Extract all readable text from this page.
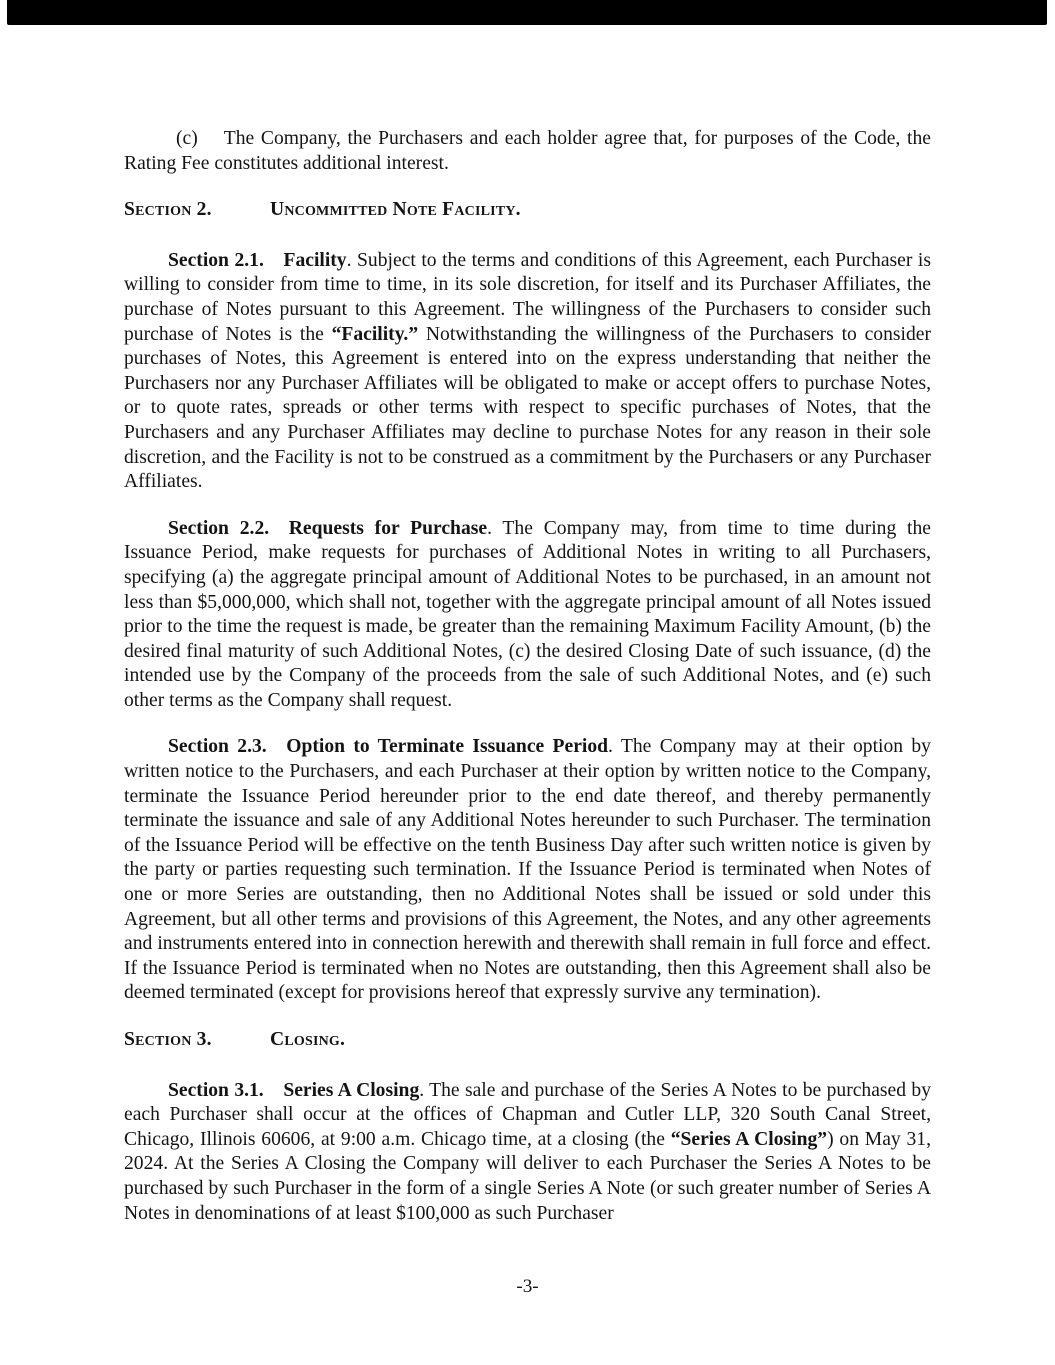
(c)  The Company, the Purchasers and each holder agree that, for purposes of the Code, the Rating Fee constitutes additional interest.

Section 2.	Uncommitted Note Facility.

Section 2.1.  Facility. Subject to the terms and conditions of this Agreement, each Purchaser is willing to consider from time to time, in its sole discretion, for itself and its Purchaser Affiliates, the purchase of Notes pursuant to this Agreement. The willingness of the Purchasers to consider such purchase of Notes is the “Facility.” Notwithstanding the willingness of the Purchasers to consider purchases of Notes, this Agreement is entered into on the express understanding that neither the Purchasers nor any Purchaser Affiliates will be obligated to make or accept offers to purchase Notes, or to quote rates, spreads or other terms with respect to specific purchases of Notes, that the Purchasers and any Purchaser Affiliates may decline to purchase Notes for any reason in their sole discretion, and the Facility is not to be construed as a commitment by the Purchasers or any Purchaser Affiliates.

Section 2.2.  Requests for Purchase. The Company may, from time to time during the Issuance Period, make requests for purchases of Additional Notes in writing to all Purchasers, specifying (a) the aggregate principal amount of Additional Notes to be purchased, in an amount not less than $5,000,000, which shall not, together with the aggregate principal amount of all Notes issued prior to the time the request is made, be greater than the remaining Maximum Facility Amount, (b) the desired final maturity of such Additional Notes, (c) the desired Closing Date of such issuance, (d) the intended use by the Company of the proceeds from the sale of such Additional Notes, and (e) such other terms as the Company shall request.

Section 2.3.  Option to Terminate Issuance Period. The Company may at their option by written notice to the Purchasers, and each Purchaser at their option by written notice to the Company, terminate the Issuance Period hereunder prior to the end date thereof, and thereby permanently terminate the issuance and sale of any Additional Notes hereunder to such Purchaser. The termination of the Issuance Period will be effective on the tenth Business Day after such written notice is given by the party or parties requesting such termination. If the Issuance Period is terminated when Notes of one or more Series are outstanding, then no Additional Notes shall be issued or sold under this Agreement, but all other terms and provisions of this Agreement, the Notes, and any other agreements and instruments entered into in connection herewith and therewith shall remain in full force and effect. If the Issuance Period is terminated when no Notes are outstanding, then this Agreement shall also be deemed terminated (except for provisions hereof that expressly survive any termination).

Section 3.	Closing.

Section 3.1.  Series A Closing. The sale and purchase of the Series A Notes to be purchased by each Purchaser shall occur at the offices of Chapman and Cutler LLP, 320 South Canal Street, Chicago, Illinois 60606, at 9:00 a.m. Chicago time, at a closing (the “Series A Closing”) on May 31, 2024. At the Series A Closing the Company will deliver to each Purchaser the Series A Notes to be purchased by such Purchaser in the form of a single Series A Note (or such greater number of Series A Notes in denominations of at least $100,000 as such Purchaser

-3-
